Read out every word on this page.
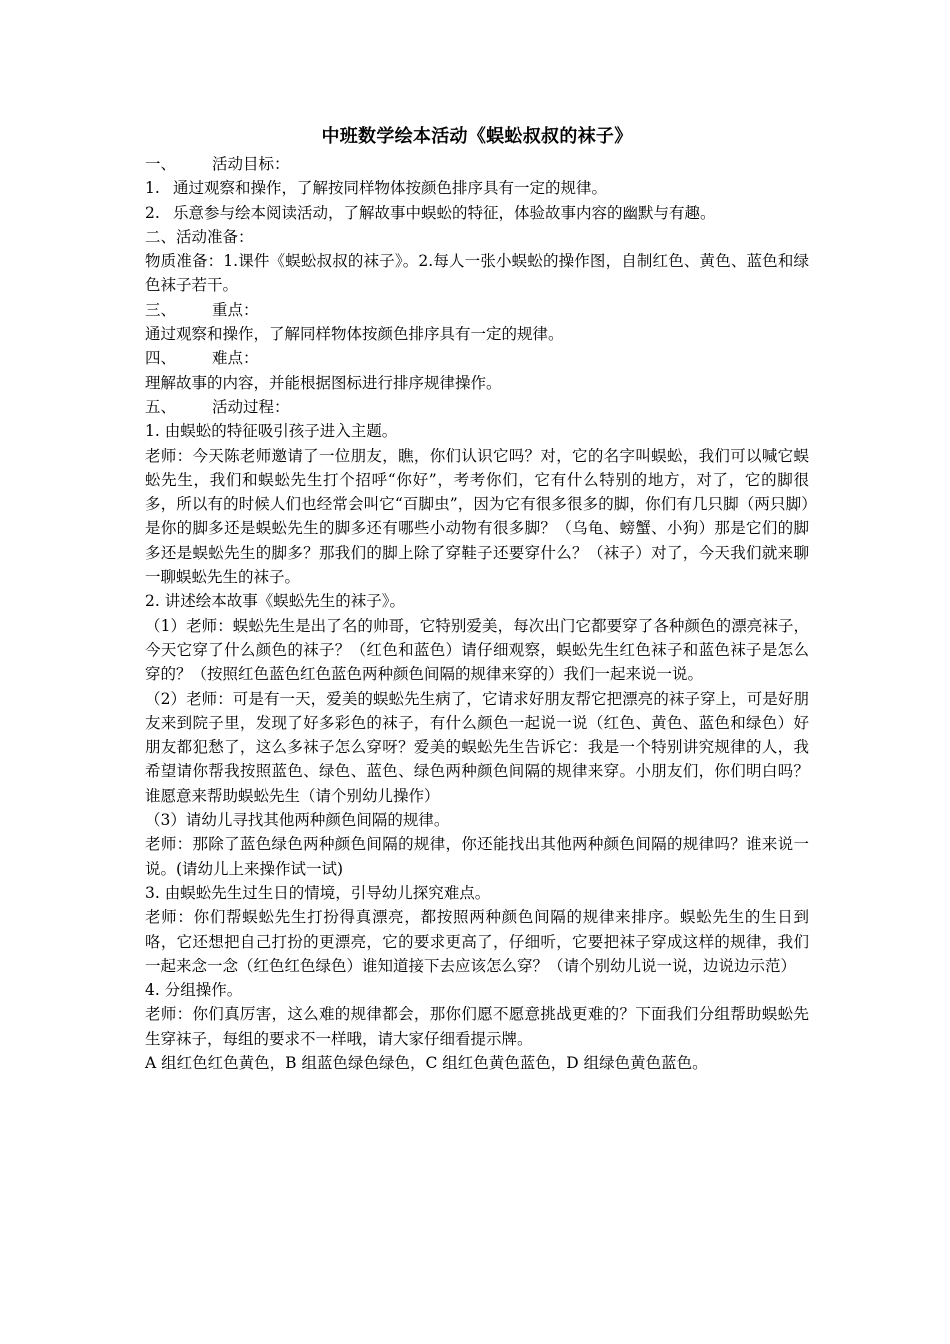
中班数学绘本活动《蜈蚣叔叔的袜子》
一、	活动目标：
1. 通过观察和操作，了解按同样物体按颜色排序具有一定的规律。
2. 乐意参与绘本阅读活动，了解故事中蜈蚣的特征，体验故事内容的幽默与有趣。
二、活动准备：
物质准备：1.课件《蜈蚣叔叔的袜子》。2.每人一张小蜈蚣的操作图，自制红色、黄色、蓝色和绿色袜子若干。
三、	重点：
通过观察和操作，了解同样物体按颜色排序具有一定的规律。
四、	难点：
理解故事的内容，并能根据图标进行排序规律操作。
五、	活动过程：
1. 由蜈蚣的特征吸引孩子进入主题。
老师：今天陈老师邀请了一位朋友，瞧，你们认识它吗？对，它的名字叫蜈蚣，我们可以喊它蜈蚣先生，我们和蜈蚣先生打个招呼“你好”，考考你们，它有什么特别的地方，对了，它的脚很多，所以有的时候人们也经常会叫它“百脚虫”，因为它有很多很多的脚，你们有几只脚（两只脚）是你的脚多还是蜈蚣先生的脚多还有哪些小动物有很多脚？（乌龟、螃蟹、小狗）那是它们的脚多还是蜈蚣先生的脚多？那我们的脚上除了穿鞋子还要穿什么？（袜子）对了，今天我们就来聊一聊蜈蚣先生的袜子。
2. 讲述绘本故事《蜈蚣先生的袜子》。
（1）老师：蜈蚣先生是出了名的帅哥，它特别爱美，每次出门它都要穿了各种颜色的漂亮袜子，今天它穿了什么颜色的袜子？（红色和蓝色）请仔细观察，蜈蚣先生红色袜子和蓝色袜子是怎么穿的？（按照红色蓝色红色蓝色两种颜色间隔的规律来穿的）我们一起来说一说。
（2）老师：可是有一天，爱美的蜈蚣先生病了，它请求好朋友帮它把漂亮的袜子穿上，可是好朋友来到院子里，发现了好多彩色的袜子，有什么颜色一起说一说（红色、黄色、蓝色和绿色）好朋友都犯愁了，这么多袜子怎么穿呀？爱美的蜈蚣先生告诉它：我是一个特别讲究规律的人，我希望请你帮我按照蓝色、绿色、蓝色、绿色两种颜色间隔的规律来穿。小朋友们，你们明白吗？谁愿意来帮助蜈蚣先生（请个别幼儿操作）
（3）请幼儿寻找其他两种颜色间隔的规律。
老师：那除了蓝色绿色两种颜色间隔的规律，你还能找出其他两种颜色间隔的规律吗？谁来说一说。(请幼儿上来操作试一试)
3. 由蜈蚣先生过生日的情境，引导幼儿探究难点。
老师：你们帮蜈蚣先生打扮得真漂亮，都按照两种颜色间隔的规律来排序。蜈蚣先生的生日到咯，它还想把自己打扮的更漂亮，它的要求更高了，仔细听，它要把袜子穿成这样的规律，我们一起来念一念（红色红色绿色）谁知道接下去应该怎么穿？（请个别幼儿说一说，边说边示范）
4. 分组操作。
老师：你们真厉害，这么难的规律都会，那你们愿不愿意挑战更难的？下面我们分组帮助蜈蚣先生穿袜子，每组的要求不一样哦，请大家仔细看提示牌。
A 组红色红色黄色，B 组蓝色绿色绿色，C 组红色黄色蓝色，D 组绿色黄色蓝色。
